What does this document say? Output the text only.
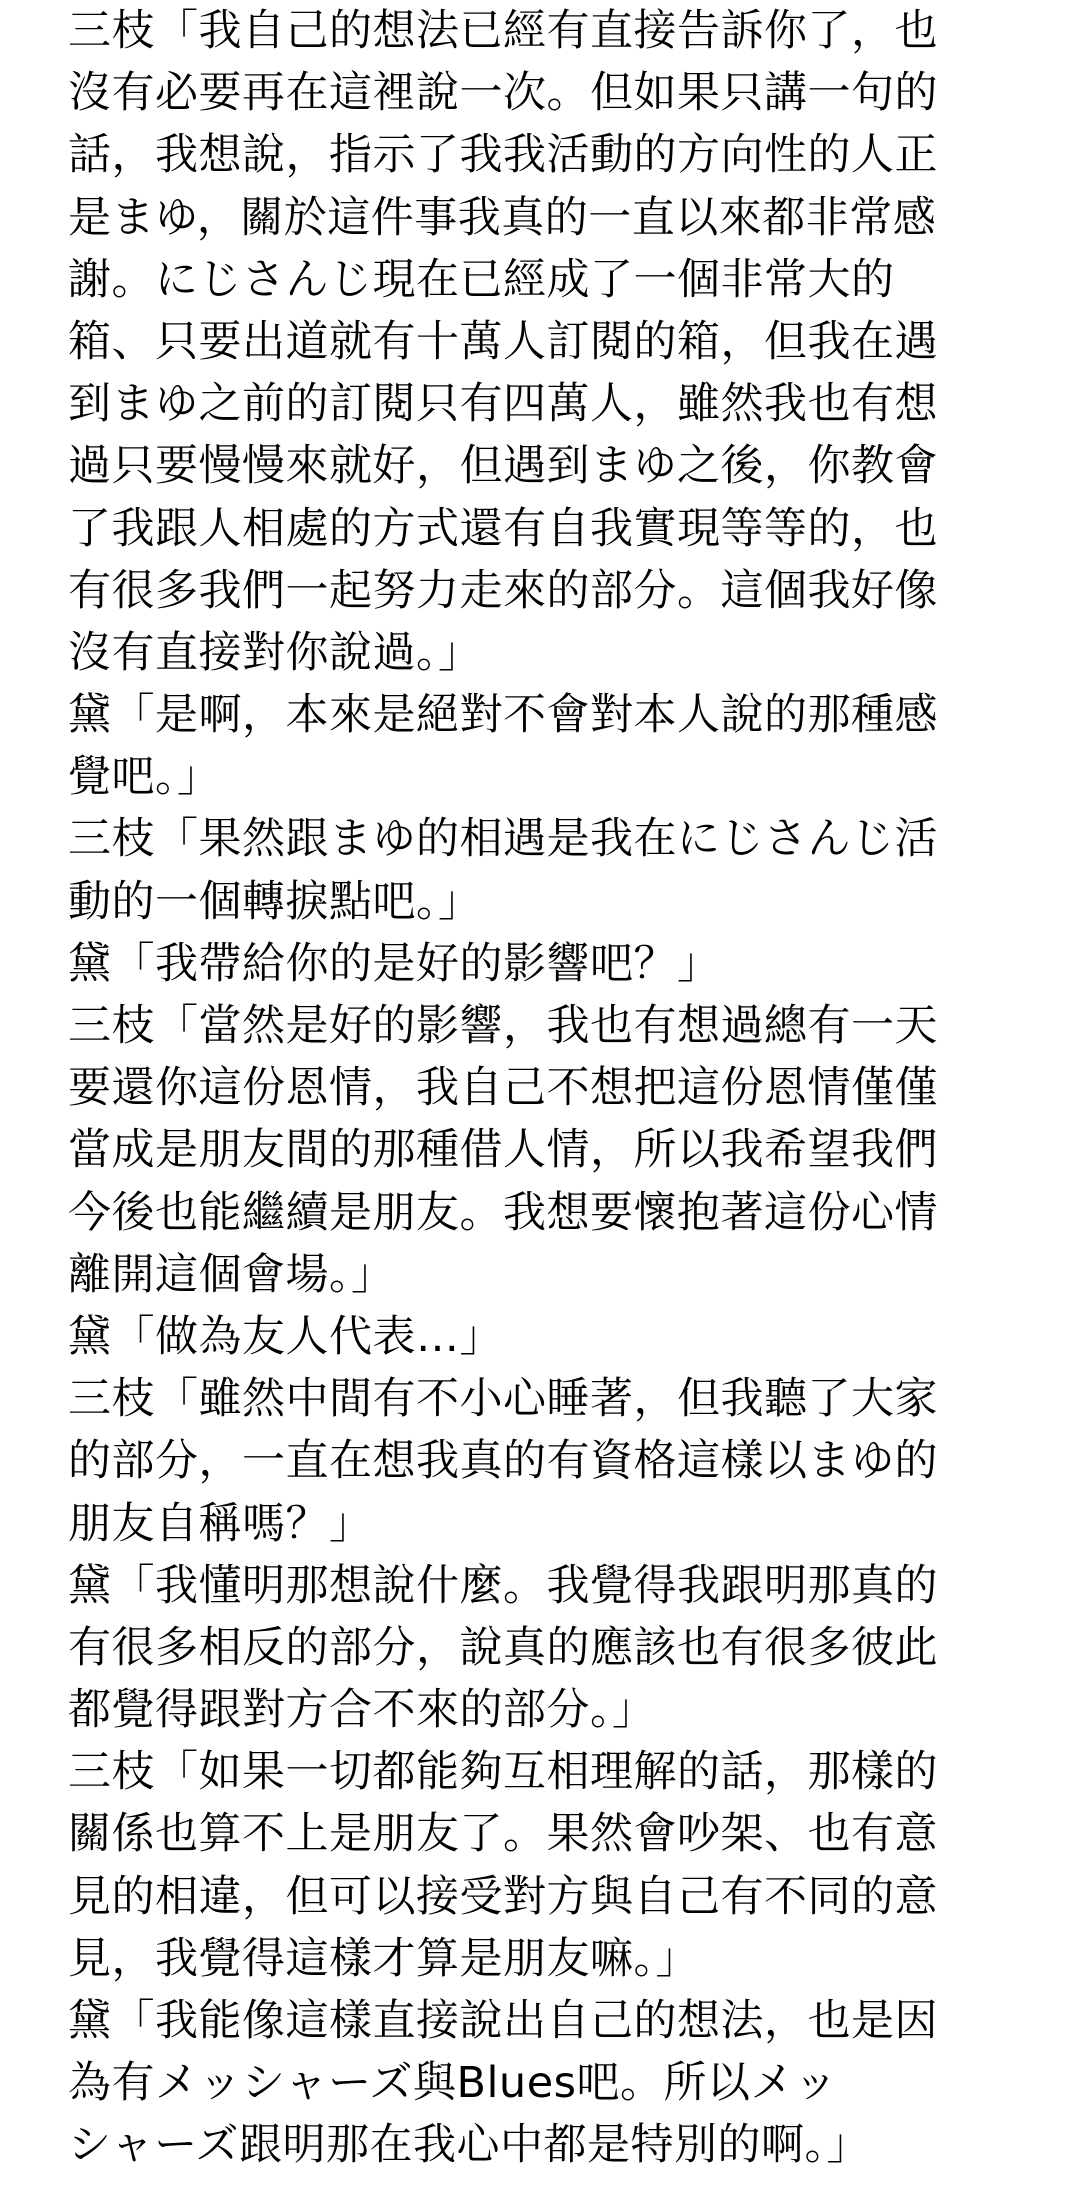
三枝「我自己的想法已經有直接告訴你了，也
沒有必要再在這裡說一次。但如果只講一句的
話，我想說，指示了我我活動的方向性的人正
是まゆ，關於這件事我真的一直以來都非常感
謝。にじさんじ現在已經成了一個非常大的
箱、只要出道就有十萬人訂閱的箱，但我在遇
到まゆ之前的訂閱只有四萬人，雖然我也有想
過只要慢慢來就好，但遇到まゆ之後，你教會
了我跟人相處的方式還有自我實現等等的，也
有很多我們一起努力走來的部分。這個我好像
沒有直接對你說過。」
黛「是啊，本來是絕對不會對本人說的那種感
覺吧。」
三枝「果然跟まゆ的相遇是我在にじさんじ活
動的一個轉捩點吧。」
黛「我帶給你的是好的影響吧？」
三枝「當然是好的影響，我也有想過總有一天
要還你這份恩情，我自己不想把這份恩情僅僅
當成是朋友間的那種借人情，所以我希望我們
今後也能繼續是朋友。我想要懷抱著這份心情
離開這個會場。」
黛「做為友人代表…」
三枝「雖然中間有不小心睡著，但我聽了大家
的部分，一直在想我真的有資格這樣以まゆ的
朋友自稱嗎？」
黛「我懂明那想說什麼。我覺得我跟明那真的
有很多相反的部分，說真的應該也有很多彼此
都覺得跟對方合不來的部分。」
三枝「如果一切都能夠互相理解的話，那樣的
關係也算不上是朋友了。果然會吵架、也有意
見的相違，但可以接受對方與自己有不同的意
見，我覺得這樣才算是朋友嘛。」
黛「我能像這樣直接說出自己的想法，也是因
為有メッシャーズ與Blues吧。所以メッ
シャーズ跟明那在我心中都是特別的啊。」
